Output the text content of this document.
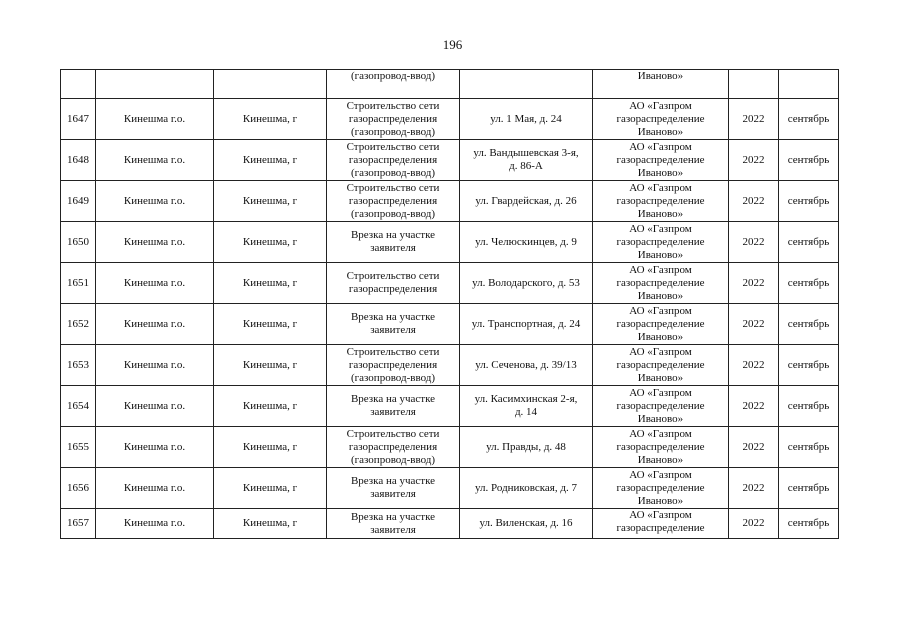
196

			(газопровод-ввод)		Иваново»		

1647	Кинешма г.о.	Кинешма, г	Строительство сети
газораспределения
(газопровод-ввод)	ул. 1 Мая, д. 24	АО «Газпром
газораспределение
Иваново»	2022	сентябрь
1648	Кинешма г.о.	Кинешма, г	Строительство сети
газораспределения
(газопровод-ввод)	ул. Вандышевская 3-я,
д. 86-А	АО «Газпром
газораспределение
Иваново»	2022	сентябрь
1649	Кинешма г.о.	Кинешма, г	Строительство сети
газораспределения
(газопровод-ввод)	ул. Гвардейская, д. 26	АО «Газпром
газораспределение
Иваново»	2022	сентябрь
1650	Кинешма г.о.	Кинешма, г	Врезка на участке
заявителя	ул. Челюскинцев, д. 9	АО «Газпром
газораспределение
Иваново»	2022	сентябрь
1651	Кинешма г.о.	Кинешма, г	Строительство сети
газораспределения	ул. Володарского, д. 53	АО «Газпром
газораспределение
Иваново»	2022	сентябрь
1652	Кинешма г.о.	Кинешма, г	Врезка на участке
заявителя	ул. Транспортная, д. 24	АО «Газпром
газораспределение
Иваново»	2022	сентябрь
1653	Кинешма г.о.	Кинешма, г	Строительство сети
газораспределения
(газопровод-ввод)	ул. Сеченова, д. 39/13	АО «Газпром
газораспределение
Иваново»	2022	сентябрь
1654	Кинешма г.о.	Кинешма, г	Врезка на участке
заявителя	ул. Касимхинская 2-я,
д. 14	АО «Газпром
газораспределение
Иваново»	2022	сентябрь
1655	Кинешма г.о.	Кинешма, г	Строительство сети
газораспределения
(газопровод-ввод)	ул. Правды, д. 48	АО «Газпром
газораспределение
Иваново»	2022	сентябрь
1656	Кинешма г.о.	Кинешма, г	Врезка на участке
заявителя	ул. Родниковская, д. 7	АО «Газпром
газораспределение
Иваново»	2022	сентябрь
1657	Кинешма г.о.	Кинешма, г	Врезка на участке
заявителя	ул. Виленская, д. 16	АО «Газпром
газораспределение	2022	сентябрь
